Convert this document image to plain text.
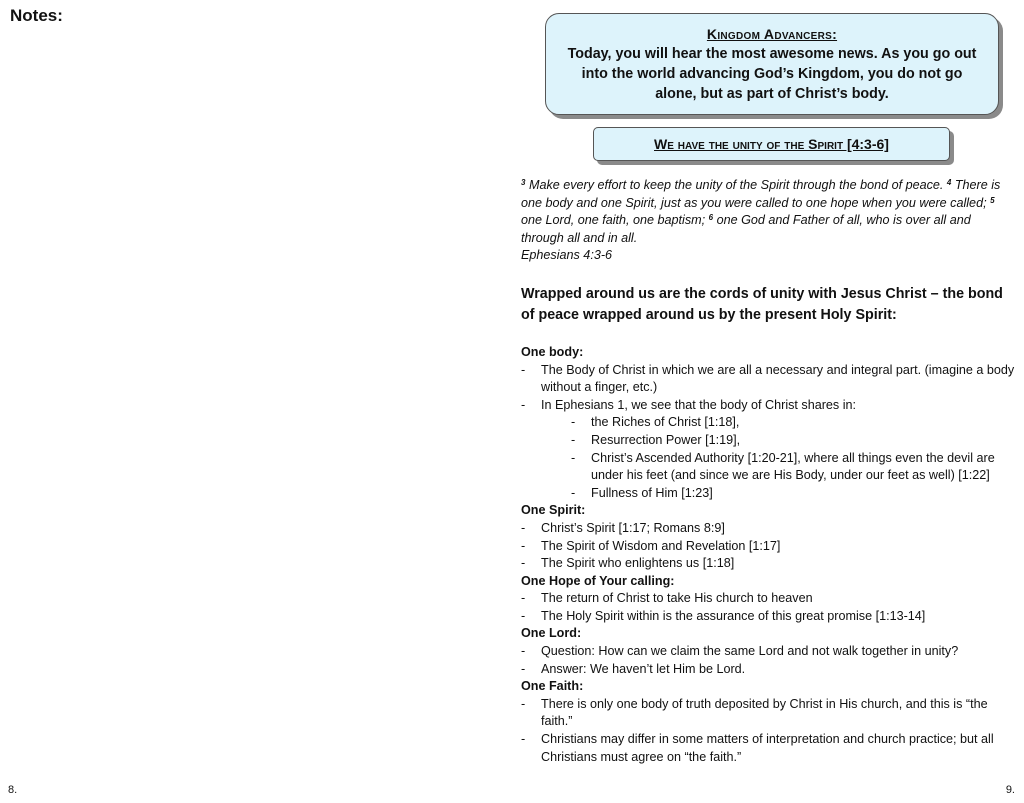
Notes:
Kingdom Advancers:
Today, you will hear the most awesome news. As you go out into the world advancing God’s Kingdom, you do not go alone, but as part of Christ’s body.
We have the unity of the Spirit [4:3-6]
$^3$ Make every effort to keep the unity of the Spirit through the bond of peace. $^4$ There is one body and one Spirit, just as you were called to one hope when you were called; $^5$ one Lord, one faith, one baptism; $^6$ one God and Father of all, who is over all and through all and in all.
Ephesians 4:3-6
Wrapped around us are the cords of unity with Jesus Christ – the bond of peace wrapped around us by the present Holy Spirit:
One body:
- The Body of Christ in which we are all a necessary and integral part. (imagine a body without a finger, etc.)
- In Ephesians 1, we see that the body of Christ shares in:
- the Riches of Christ [1:18],
- Resurrection Power [1:19],
- Christ’s Ascended Authority [1:20-21], where all things even the devil are under his feet (and since we are His Body, under our feet as well) [1:22]
- Fullness of Him [1:23]
One Spirit:
- Christ’s Spirit [1:17; Romans 8:9]
- The Spirit of Wisdom and Revelation [1:17]
- The Spirit who enlightens us [1:18]
One Hope of Your calling:
- The return of Christ to take His church to heaven
- The Holy Spirit within is the assurance of this great promise [1:13-14]
One Lord:
- Question: How can we claim the same Lord and not walk together in unity?
- Answer: We haven’t let Him be Lord.
One Faith:
- There is only one body of truth deposited by Christ in His church, and this is “the faith.”
- Christians may differ in some matters of interpretation and church practice; but all Christians must agree on “the faith.”
8.	9.
